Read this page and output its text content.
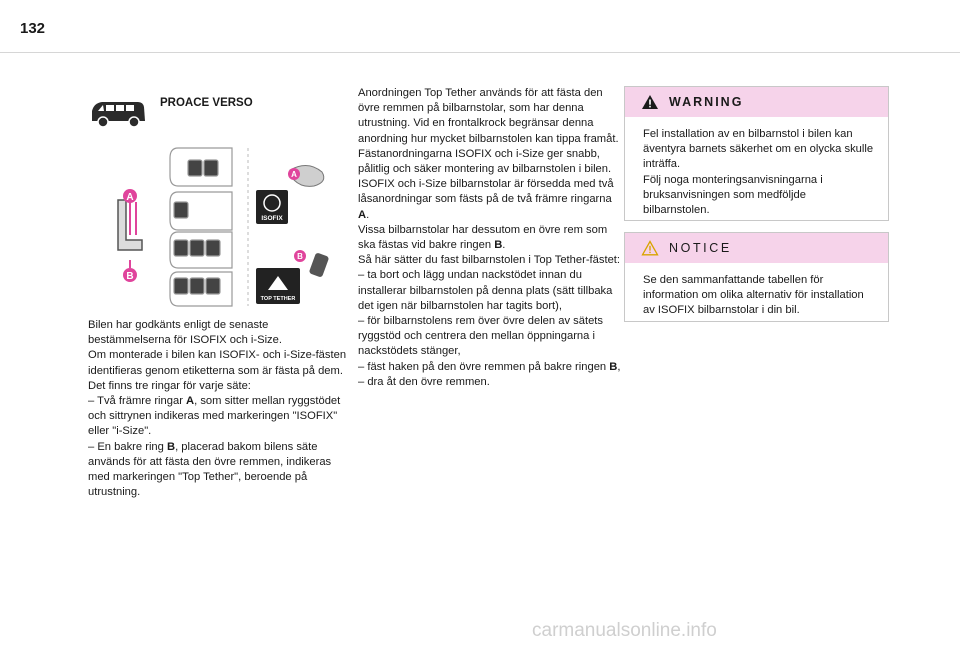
132
PROACE VERSO
A
B
ISOFIX
A
B
TOP TETHER

Bilen har godkänts enligt de senaste bestämmelserna för ISOFIX och i-Size.

Om monterade i bilen kan ISOFIX- och i-Size-fästen identifieras genom etiketterna som är fästa på dem.

Det finns tre ringar för varje säte:

– Två främre ringar A, som sitter mellan ryggstödet och sittrynen indikeras med markeringen "ISOFIX" eller "i-Size".

– En bakre ring B, placerad bakom bilens säte används för att fästa den övre remmen, indikeras med markeringen "Top Tether", beroende på utrustning.

Anordningen Top Tether används för att fästa den övre remmen på bilbarnstolar, som har denna utrustning. Vid en frontalkrock begränsar denna anordning hur mycket bilbarnstolen kan tippa framåt.

Fästanordningarna ISOFIX och i-Size ger snabb, pålitlig och säker montering av bilbarnstolen i bilen.

ISOFIX och i-Size bilbarnstolar är försedda med två låsanordningar som fästs på de två främre ringarna A.

Vissa bilbarnstolar har dessutom en övre rem som ska fästas vid bakre ringen B.

Så här sätter du fast bilbarnstolen i Top Tether-fästet:

– ta bort och lägg undan nackstödet innan du installerar bilbarnstolen på denna plats (sätt tillbaka det igen när bilbarnstolen har tagits bort),

– för bilbarnstolens rem över övre delen av sätets ryggstöd och centrera den mellan öppningarna i nackstödets stänger,

– fäst haken på den övre remmen på bakre ringen B,

– dra åt den övre remmen.

WARNING

Fel installation av en bilbarnstol i bilen kan äventyra barnets säkerhet om en olycka skulle inträffa.

Följ noga monteringsanvisningarna i bruksanvisningen som medföljde bilbarnstolen.

NOTICE

Se den sammanfattande tabellen för information om olika alternativ för installation av ISOFIX bilbarnstolar i din bil.

carmanualsonline.info
